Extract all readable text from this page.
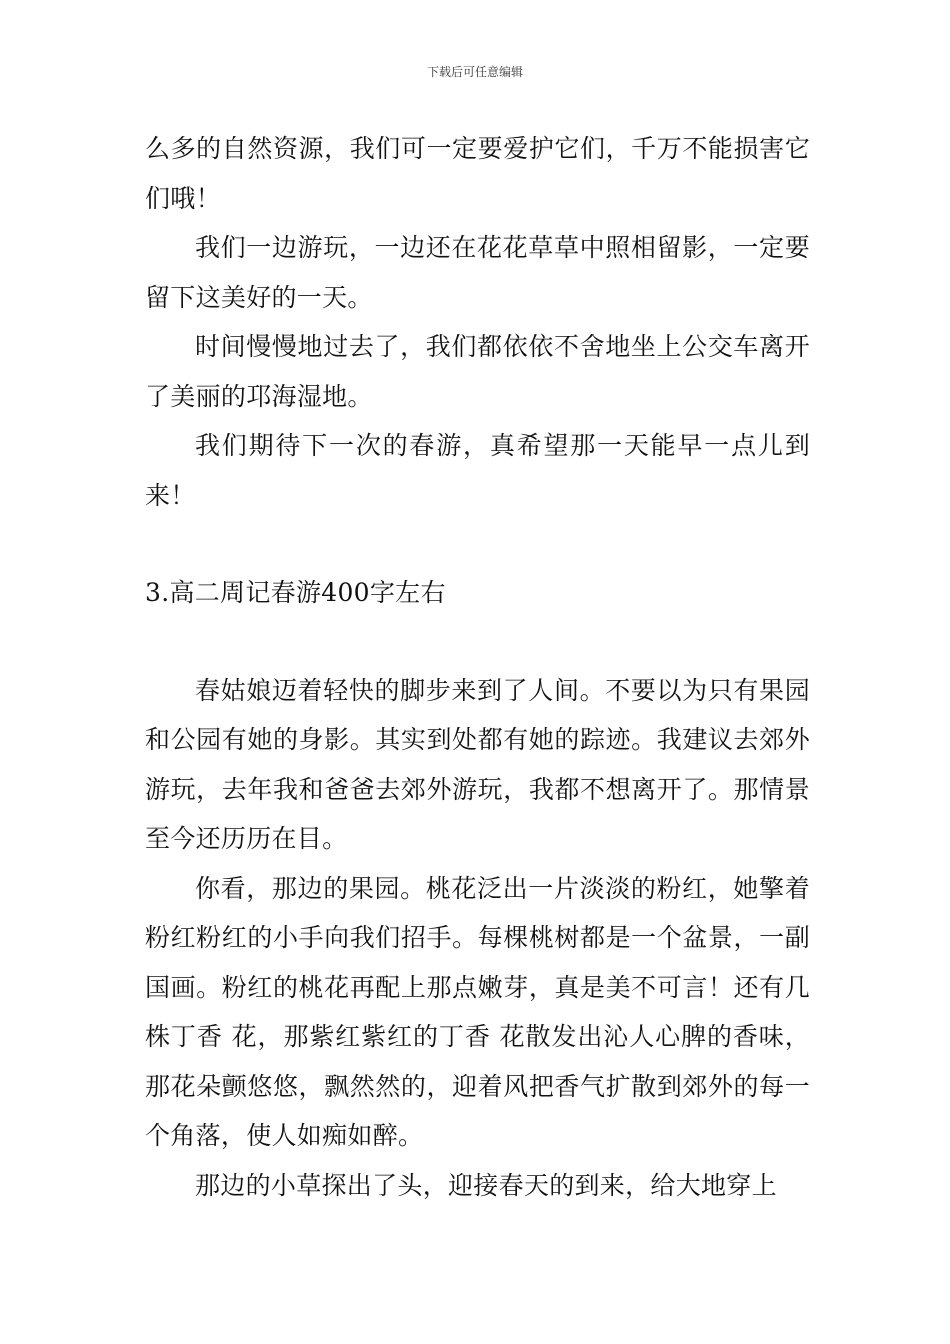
下载后可任意编辑

么多的自然资源，我们可一定要爱护它们，千万不能损害它们哦！

我们一边游玩，一边还在花花草草中照相留影，一定要留下这美好的一天。

时间慢慢地过去了，我们都依依不舍地坐上公交车离开了美丽的邛海湿地。

我们期待下一次的春游，真希望那一天能早一点儿到来！

3.高二周记春游400字左右

春姑娘迈着轻快的脚步来到了人间。不要以为只有果园和公园有她的身影。其实到处都有她的踪迹。我建议去郊外游玩，去年我和爸爸去郊外游玩，我都不想离开了。那情景至今还历历在目。

你看，那边的果园。桃花泛出一片淡淡的粉红，她擎着粉红粉红的小手向我们招手。每棵桃树都是一个盆景，一副国画。粉红的桃花再配上那点嫩芽，真是美不可言！还有几株丁香 花，那紫红紫红的丁香 花散发出沁人心脾的香味，那花朵颤悠悠，飘然然的，迎着风把香气扩散到郊外的每一个角落，使人如痴如醉。

那边的小草探出了头，迎接春天的到来，给大地穿上
